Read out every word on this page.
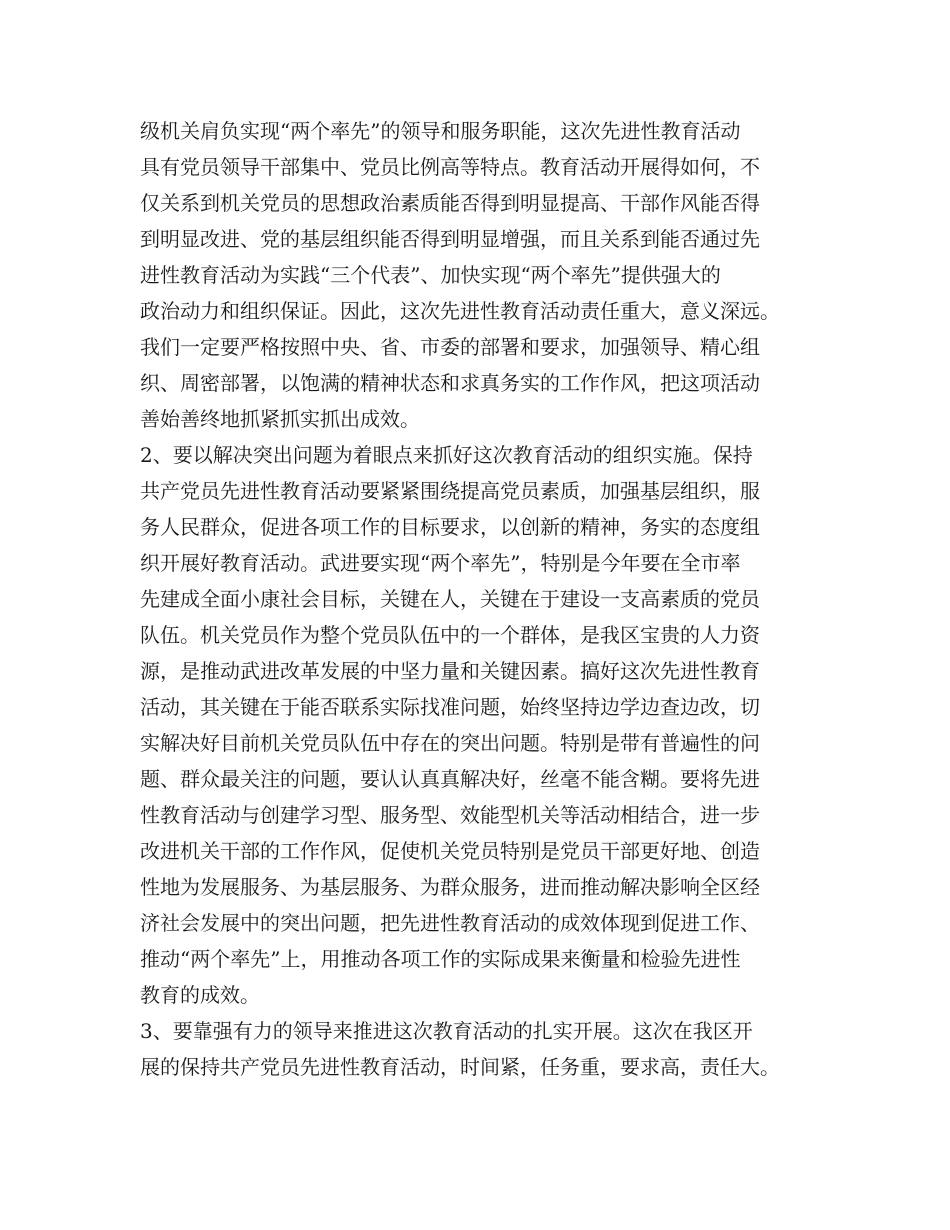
级机关肩负实现“两个率先”的领导和服务职能，这次先进性教育活动
具有党员领导干部集中、党员比例高等特点。教育活动开展得如何，不
仅关系到机关党员的思想政治素质能否得到明显提高、干部作风能否得
到明显改进、党的基层组织能否得到明显增强，而且关系到能否通过先
进性教育活动为实践“三个代表”、加快实现“两个率先”提供强大的
政治动力和组织保证。因此，这次先进性教育活动责任重大，意义深远。
我们一定要严格按照中央、省、市委的部署和要求，加强领导、精心组
织、周密部署，以饱满的精神状态和求真务实的工作作风，把这项活动
善始善终地抓紧抓实抓出成效。
2、要以解决突出问题为着眼点来抓好这次教育活动的组织实施。保持
共产党员先进性教育活动要紧紧围绕提高党员素质，加强基层组织，服
务人民群众，促进各项工作的目标要求，以创新的精神，务实的态度组
织开展好教育活动。武进要实现“两个率先”，特别是今年要在全市率
先建成全面小康社会目标，关键在人，关键在于建设一支高素质的党员
队伍。机关党员作为整个党员队伍中的一个群体，是我区宝贵的人力资
源，是推动武进改革发展的中坚力量和关键因素。搞好这次先进性教育
活动，其关键在于能否联系实际找准问题，始终坚持边学边查边改，切
实解决好目前机关党员队伍中存在的突出问题。特别是带有普遍性的问
题、群众最关注的问题，要认认真真解决好，丝毫不能含糊。要将先进
性教育活动与创建学习型、服务型、效能型机关等活动相结合，进一步
改进机关干部的工作作风，促使机关党员特别是党员干部更好地、创造
性地为发展服务、为基层服务、为群众服务，进而推动解决影响全区经
济社会发展中的突出问题，把先进性教育活动的成效体现到促进工作、
推动“两个率先”上，用推动各项工作的实际成果来衡量和检验先进性
教育的成效。
3、要靠强有力的领导来推进这次教育活动的扎实开展。这次在我区开
展的保持共产党员先进性教育活动，时间紧，任务重，要求高，责任大。
